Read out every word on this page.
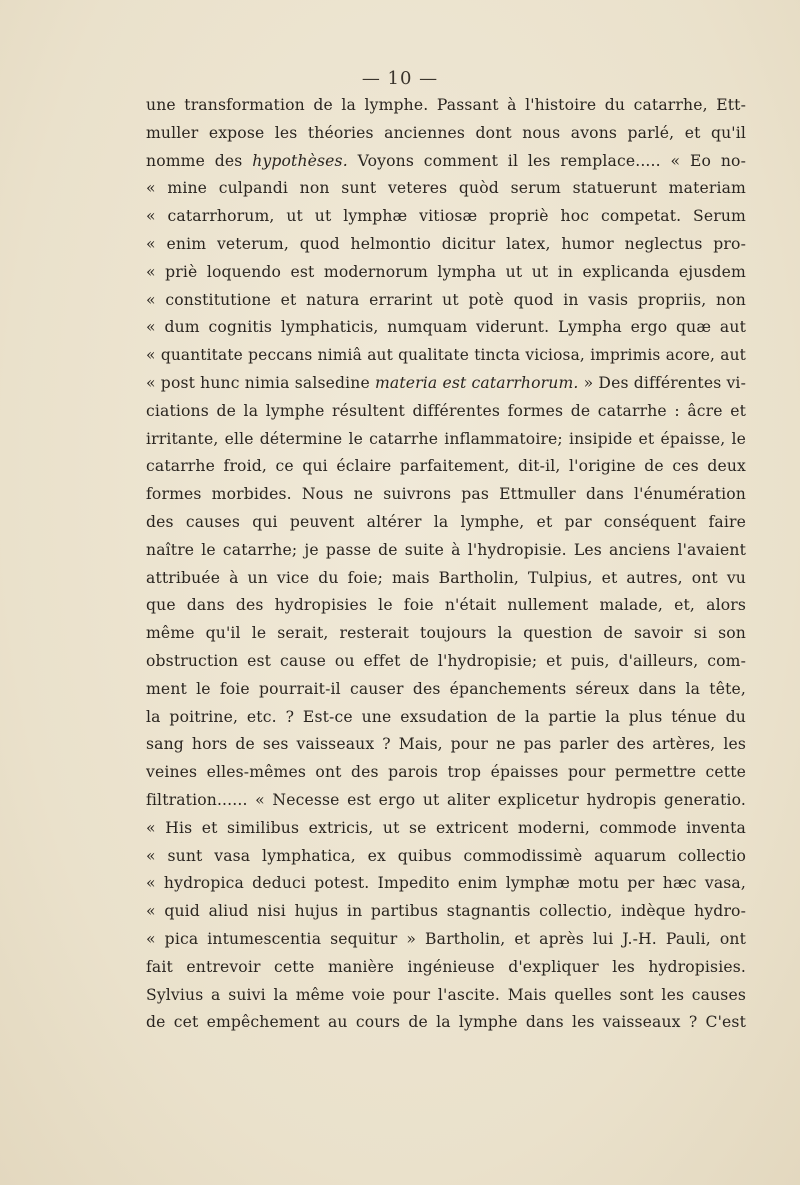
— 10 —
une transformation de la lymphe. Passant à l'histoire du catarrhe, Ett-
muller expose les théories anciennes dont nous avons parlé, et qu'il
nomme des hypothèses. Voyons comment il les remplace..... « Eo no-
« mine culpandi non sunt veteres quòd serum statuerunt materiam
« catarrhorum, ut ut lymphæ vitiosæ propriè hoc competat. Serum
« enim veterum, quod helmontio dicitur latex, humor neglectus pro-
« priè loquendo est modernorum lympha ut ut in explicanda ejusdem
« constitutione et natura errarint ut potè quod in vasis propriis, non
« dum cognitis lymphaticis, numquam viderunt. Lympha ergo quæ aut
« quantitate peccans nimiâ aut qualitate tincta viciosa, imprimis acore, aut
« post hunc nimia salsedine materia est catarrhorum. » Des différentes vi-
ciations de la lymphe résultent différentes formes de catarrhe : âcre et
irritante, elle détermine le catarrhe inflammatoire; insipide et épaisse, le
catarrhe froid, ce qui éclaire parfaitement, dit-il, l'origine de ces deux
formes morbides. Nous ne suivrons pas Ettmuller dans l'énumération
des causes qui peuvent altérer la lymphe, et par conséquent faire
naître le catarrhe; je passe de suite à l'hydropisie. Les anciens l'avaient
attribuée à un vice du foie; mais Bartholin, Tulpius, et autres, ont vu
que dans des hydropisies le foie n'était nullement malade, et, alors
même qu'il le serait, resterait toujours la question de savoir si son
obstruction est cause ou effet de l'hydropisie; et puis, d'ailleurs, com-
ment le foie pourrait-il causer des épanchements séreux dans la tête,
la poitrine, etc. ? Est-ce une exsudation de la partie la plus ténue du
sang hors de ses vaisseaux ? Mais, pour ne pas parler des artères, les
veines elles-mêmes ont des parois trop épaisses pour permettre cette
filtration...... « Necesse est ergo ut aliter explicetur hydropis generatio.
« His et similibus extricis, ut se extricent moderni, commode inventa
« sunt vasa lymphatica, ex quibus commodissimè aquarum collectio
« hydropica deduci potest. Impedito enim lymphæ motu per hæc vasa,
« quid aliud nisi hujus in partibus stagnantis collectio, indèque hydro-
« pica intumescentia sequitur » Bartholin, et après lui J.-H. Pauli, ont
fait entrevoir cette manière ingénieuse d'expliquer les hydropisies.
Sylvius a suivi la même voie pour l'ascite. Mais quelles sont les causes
de cet empêchement au cours de la lymphe dans les vaisseaux ? C'est
